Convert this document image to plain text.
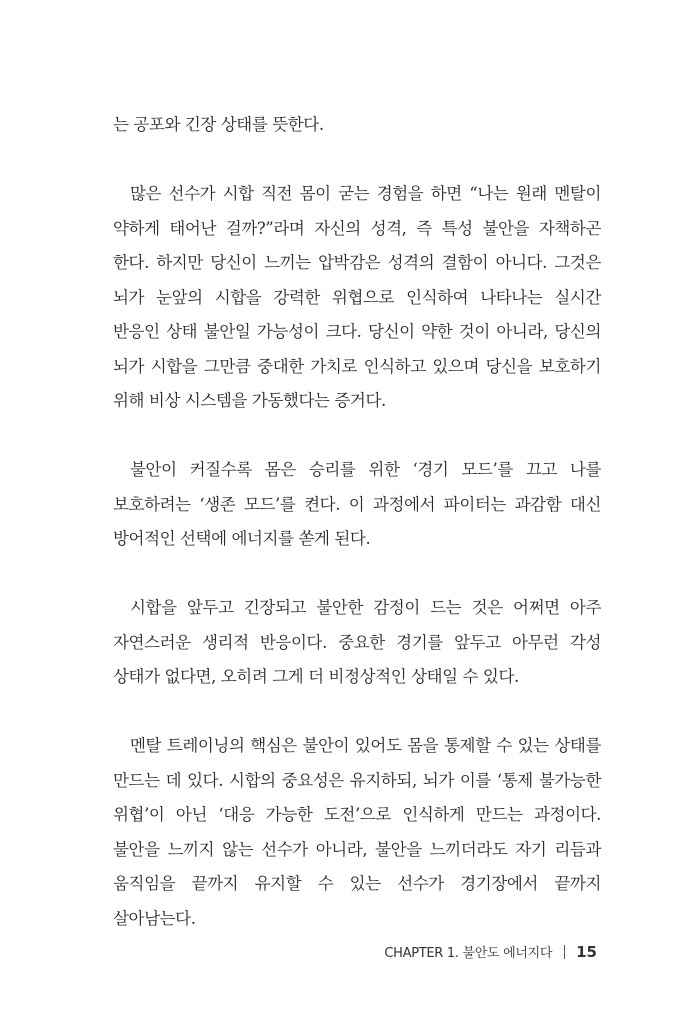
는 공포와 긴장 상태를 뜻한다.

많은 선수가 시합 직전 몸이 굳는 경험을 하면 “나는 원래 멘탈이 약하게 태어난 걸까?”라며 자신의 성격, 즉 특성 불안을 자책하곤 한다. 하지만 당신이 느끼는 압박감은 성격의 결함이 아니다. 그것은 뇌가 눈앞의 시합을 강력한 위협으로 인식하여 나타나는 실시간 반응인 상태 불안일 가능성이 크다. 당신이 약한 것이 아니라, 당신의 뇌가 시합을 그만큼 중대한 가치로 인식하고 있으며 당신을 보호하기 위해 비상 시스템을 가동했다는 증거다.

불안이 커질수록 몸은 승리를 위한 ‘경기 모드’를 끄고 나를 보호하려는 ‘생존 모드’를 켠다. 이 과정에서 파이터는 과감함 대신 방어적인 선택에 에너지를 쏟게 된다.

시합을 앞두고 긴장되고 불안한 감정이 드는 것은 어쩌면 아주 자연스러운 생리적 반응이다. 중요한 경기를 앞두고 아무런 각성 상태가 없다면, 오히려 그게 더 비정상적인 상태일 수 있다.

멘탈 트레이닝의 핵심은 불안이 있어도 몸을 통제할 수 있는 상태를 만드는 데 있다. 시합의 중요성은 유지하되, 뇌가 이를 ‘통제 불가능한 위협’이 아닌 ‘대응 가능한 도전’으로 인식하게 만드는 과정이다. 불안을 느끼지 않는 선수가 아니라, 불안을 느끼더라도 자기 리듬과 움직임을 끝까지 유지할 수 있는 선수가 경기장에서 끝까지 살아남는다.

CHAPTER 1. 불안도 에너지다 15
